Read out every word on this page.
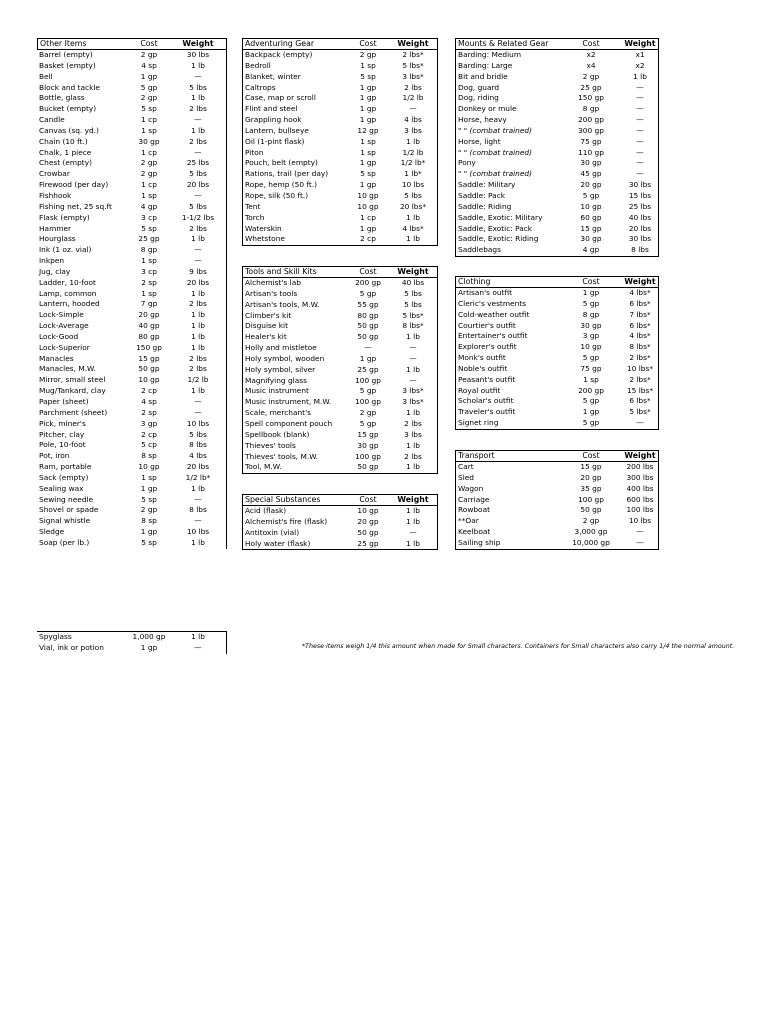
Other Items	Cost	Weight
Barrel (empty)	2 gp	30 lbs
Basket (empty)	4 sp	1 lb
Bell	1 gp	—
Block and tackle	5 gp	5 lbs
Bottle, glass	2 gp	1 lb
Bucket (empty)	5 sp	2 lbs
Candle	1 cp	—
Canvas (sq. yd.)	1 sp	1 lb
Chain (10 ft.)	30 gp	2 lbs
Chalk, 1 piece	1 cp	—
Chest (empty)	2 gp	25 lbs
Crowbar	2 gp	5 lbs
Firewood (per day)	1 cp	20 lbs
Fishhook	1 sp	—
Fishing net, 25 sq.ft	4 gp	5 lbs
Flask (empty)	3 cp	1-1/2 lbs
Hammer	5 sp	2 lbs
Hourglass	25 gp	1 lb
Ink (1 oz. vial)	8 gp	—
Inkpen	1 sp	—
Jug, clay	3 cp	9 lbs
Ladder, 10-foot	2 sp	20 lbs
Lamp, common	1 sp	1 lb
Lantern, hooded	7 gp	2 lbs
Lock-Simple	20 gp	1 lb
Lock-Average	40 gp	1 lb
Lock-Good	80 gp	1 lb
Lock-Superior	150 gp	1 lb
Manacles	15 gp	2 lbs
Manacles, M.W.	50 gp	2 lbs
Mirror, small steel	10 gp	1/2 lb
Mug/Tankard, clay	2 cp	1 lb
Paper (sheet)	4 sp	—
Parchment (sheet)	2 sp	—
Pick, miner's	3 gp	10 lbs
Pitcher, clay	2 cp	5 lbs
Pole, 10-foot	5 cp	8 lbs
Pot, iron	8 sp	4 lbs
Ram, portable	10 gp	20 lbs
Sack (empty)	1 sp	1/2 lb*
Sealing wax	1 gp	1 lb
Sewing needle	5 sp	—
Shovel or spade	2 gp	8 lbs
Signal whistle	8 sp	—
Sledge	1 gp	10 lbs
Soap (per lb.)	5 sp	1 lb
Spyglass	1,000 gp	1 lb
Vial, ink or potion	1 gp	—
Adventuring Gear	Cost	Weight
Backpack (empty)	2 gp	2 lbs*
Bedroll	1 sp	5 lbs*
Blanket, winter	5 sp	3 lbs*
Caltrops	1 gp	2 lbs
Case, map or scroll	1 gp	1/2 lb
Flint and steel	1 gp	—
Grappling hook	1 gp	4 lbs
Lantern, bullseye	12 gp	3 lbs
Oil (1-pint flask)	1 sp	1 lb
Piton	1 sp	1/2 lb
Pouch, belt (empty)	1 gp	1/2 lb*
Rations, trail (per day)	5 sp	1 lb*
Rope, hemp (50 ft.)	1 gp	10 lbs
Rope, silk (50 ft.)	10 gp	5 lbs
Tent	10 gp	20 lbs*
Torch	1 cp	1 lb
Waterskin	1 gp	4 lbs*
Whetstone	2 cp	1 lb
Tools and Skill Kits	Cost	Weight
Alchemist's lab	200 gp	40 lbs
Artisan's tools	5 gp	5 lbs
Artisan's tools, M.W.	55 gp	5 lbs
Climber's kit	80 gp	5 lbs*
Disguise kit	50 gp	8 lbs*
Healer's kit	50 gp	1 lb
Holly and mistletoe	—	—
Holy symbol, wooden	1 gp	—
Holy symbol, silver	25 gp	1 lb
Magnifying glass	100 gp	—
Music instrument	5 gp	3 lbs*
Music instrument, M.W.	100 gp	3 lbs*
Scale, merchant's	2 gp	1 lb
Spell component pouch	5 gp	2 lbs
Spellbook (blank)	15 gp	3 lbs
Thieves' tools	30 gp	1 lb
Thieves' tools, M.W.	100 gp	2 lbs
Tool, M.W.	50 gp	1 lb
Special Substances	Cost	Weight
Acid (flask)	10 gp	1 lb
Alchemist's fire (flask)	20 gp	1 lb
Antitoxin (vial)	50 gp	—
Holy water (flask)	25 gp	1 lb
Mounts & Related Gear	Cost	Weight
Barding: Medium	x2	x1
Barding: Large	x4	x2
Bit and bridle	2 gp	1 lb
Dog, guard	25 gp	—
Dog, riding	150 gp	—
Donkey or mule	8 gp	—
Horse, heavy	200 gp	—
" " (combat trained)	300 gp	—
Horse, light	75 gp	—
" " (combat trained)	110 gp	—
Pony	30 gp	—
" " (combat trained)	45 gp	—
Saddle: Military	20 gp	30 lbs
Saddle: Pack	5 gp	15 lbs
Saddle: Riding	10 gp	25 lbs
Saddle, Exotic: Military	60 gp	40 lbs
Saddle, Exotic: Pack	15 gp	20 lbs
Saddle, Exotic: Riding	30 gp	30 lbs
Saddlebags	4 gp	8 lbs
Clothing	Cost	Weight
Artisan's outfit	1 gp	4 lbs*
Cleric's vestments	5 gp	6 lbs*
Cold-weather outfit	8 gp	7 lbs*
Courtier's outfit	30 gp	6 lbs*
Entertainer's outfit	3 gp	4 lbs*
Explorer's outfit	10 gp	8 lbs*
Monk's outfit	5 gp	2 lbs*
Noble's outfit	75 gp	10 lbs*
Peasant's outfit	1 sp	2 lbs*
Royal outfit	200 gp	15 lbs*
Scholar's outfit	5 gp	6 lbs*
Traveler's outfit	1 gp	5 lbs*
Signet ring	5 gp	—
Transport	Cost	Weight
Cart	15 gp	200 lbs
Sled	20 gp	300 lbs
Wagon	35 gp	400 lbs
Carriage	100 gp	600 lbs
Rowboat	50 gp	100 lbs
**Oar	2 gp	10 lbs
Keelboat	3,000 gp	—
Sailing ship	10,000 gp	—
*These items weigh 1/4 this amount when made for Small characters. Containers for Small characters also carry 1/4 the normal amount.
